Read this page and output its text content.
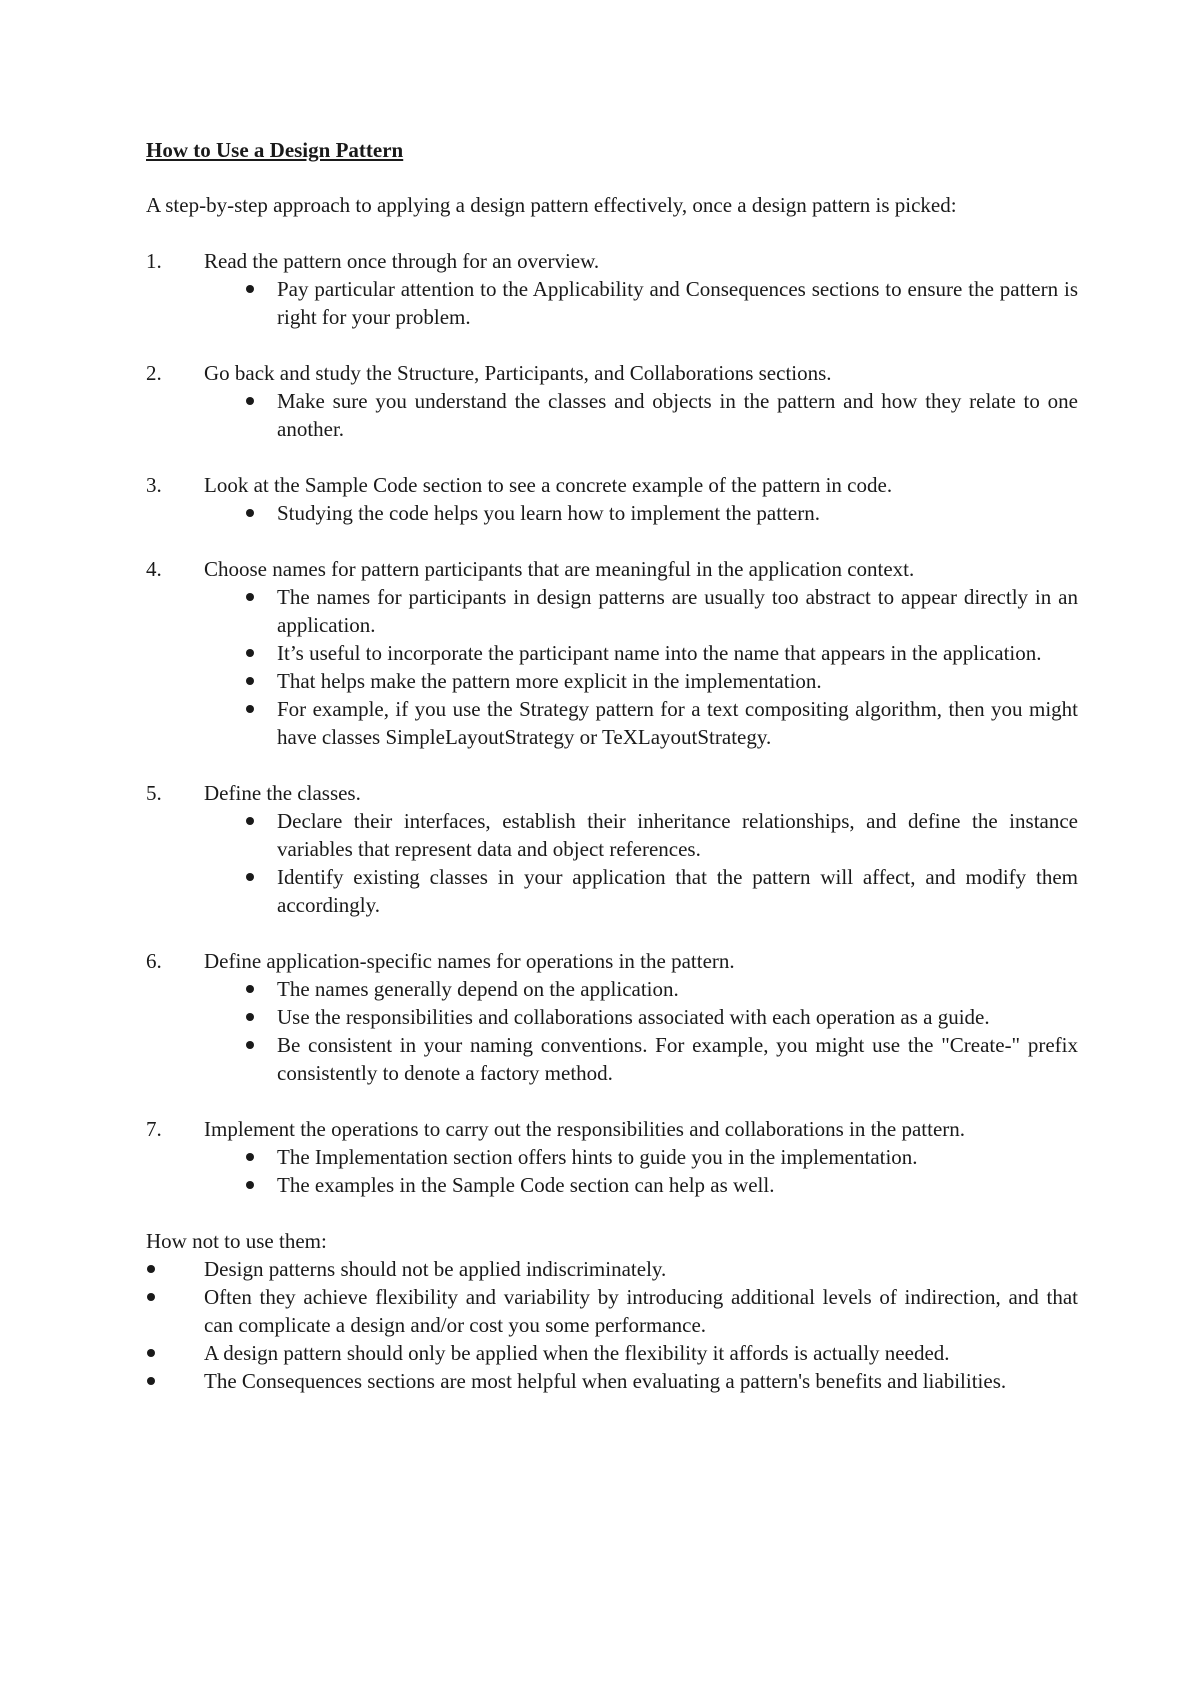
How to Use a Design Pattern

A step-by-step approach to applying a design pattern effectively, once a design pattern is picked:

1. Read the pattern once through for an overview.
Pay particular attention to the Applicability and Consequences sections to ensure the pattern is right for your problem.
2. Go back and study the Structure, Participants, and Collaborations sections.
Make sure you understand the classes and objects in the pattern and how they relate to one another.
3. Look at the Sample Code section to see a concrete example of the pattern in code.
Studying the code helps you learn how to implement the pattern.
4. Choose names for pattern participants that are meaningful in the application context.
The names for participants in design patterns are usually too abstract to appear directly in an application.
It’s useful to incorporate the participant name into the name that appears in the application.
That helps make the pattern more explicit in the implementation.
For example, if you use the Strategy pattern for a text compositing algorithm, then you might have classes SimpleLayoutStrategy or TeXLayoutStrategy.
5. Define the classes.
Declare their interfaces, establish their inheritance relationships, and define the instance variables that represent data and object references.
Identify existing classes in your application that the pattern will affect, and modify them accordingly.
6. Define application-specific names for operations in the pattern.
The names generally depend on the application.
Use the responsibilities and collaborations associated with each operation as a guide.
Be consistent in your naming conventions. For example, you might use the "Create-" prefix consistently to denote a factory method.
7. Implement the operations to carry out the responsibilities and collaborations in the pattern.
The Implementation section offers hints to guide you in the implementation.
The examples in the Sample Code section can help as well.

How not to use them:

Design patterns should not be applied indiscriminately.
Often they achieve flexibility and variability by introducing additional levels of indirection, and that can complicate a design and/or cost you some performance.
A design pattern should only be applied when the flexibility it affords is actually needed.
The Consequences sections are most helpful when evaluating a pattern's benefits and liabilities.
